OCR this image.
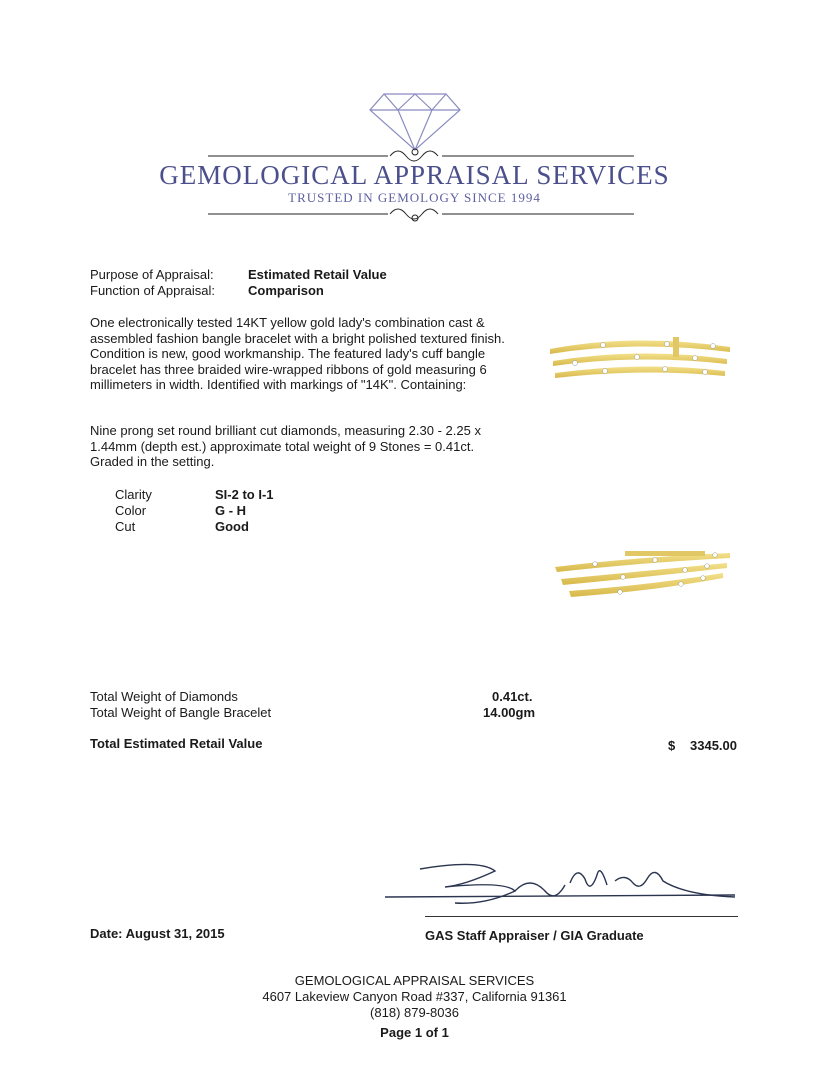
GEMOLOGICAL APPRAISAL SERVICES
TRUSTED IN GEMOLOGY SINCE 1994
Purpose of Appraisal:	Estimated Retail Value
Function of Appraisal:	Comparison
One electronically tested 14KT yellow gold lady's combination cast & assembled fashion bangle bracelet with a bright polished textured finish. Condition is new, good workmanship. The featured lady's cuff bangle bracelet has three braided wire-wrapped ribbons of gold measuring 6 millimeters in width. Identified with markings of "14K". Containing:
Nine prong set round brilliant cut diamonds, measuring 2.30 - 2.25 x 1.44mm (depth est.) approximate total weight of 9 Stones = 0.41ct. Graded in the setting.
Clarity	SI-2 to I-1
Color	G - H
Cut	Good
Total Weight of Diamonds	0.41ct.
Total Weight of Bangle Bracelet	14.00gm
Total Estimated Retail Value	$ 3345.00
Date: August 31, 2015	GAS Staff Appraiser / GIA Graduate
GEMOLOGICAL APPRAISAL SERVICES
4607 Lakeview Canyon Road #337, California 91361
(818) 879-8036
Page 1 of 1
